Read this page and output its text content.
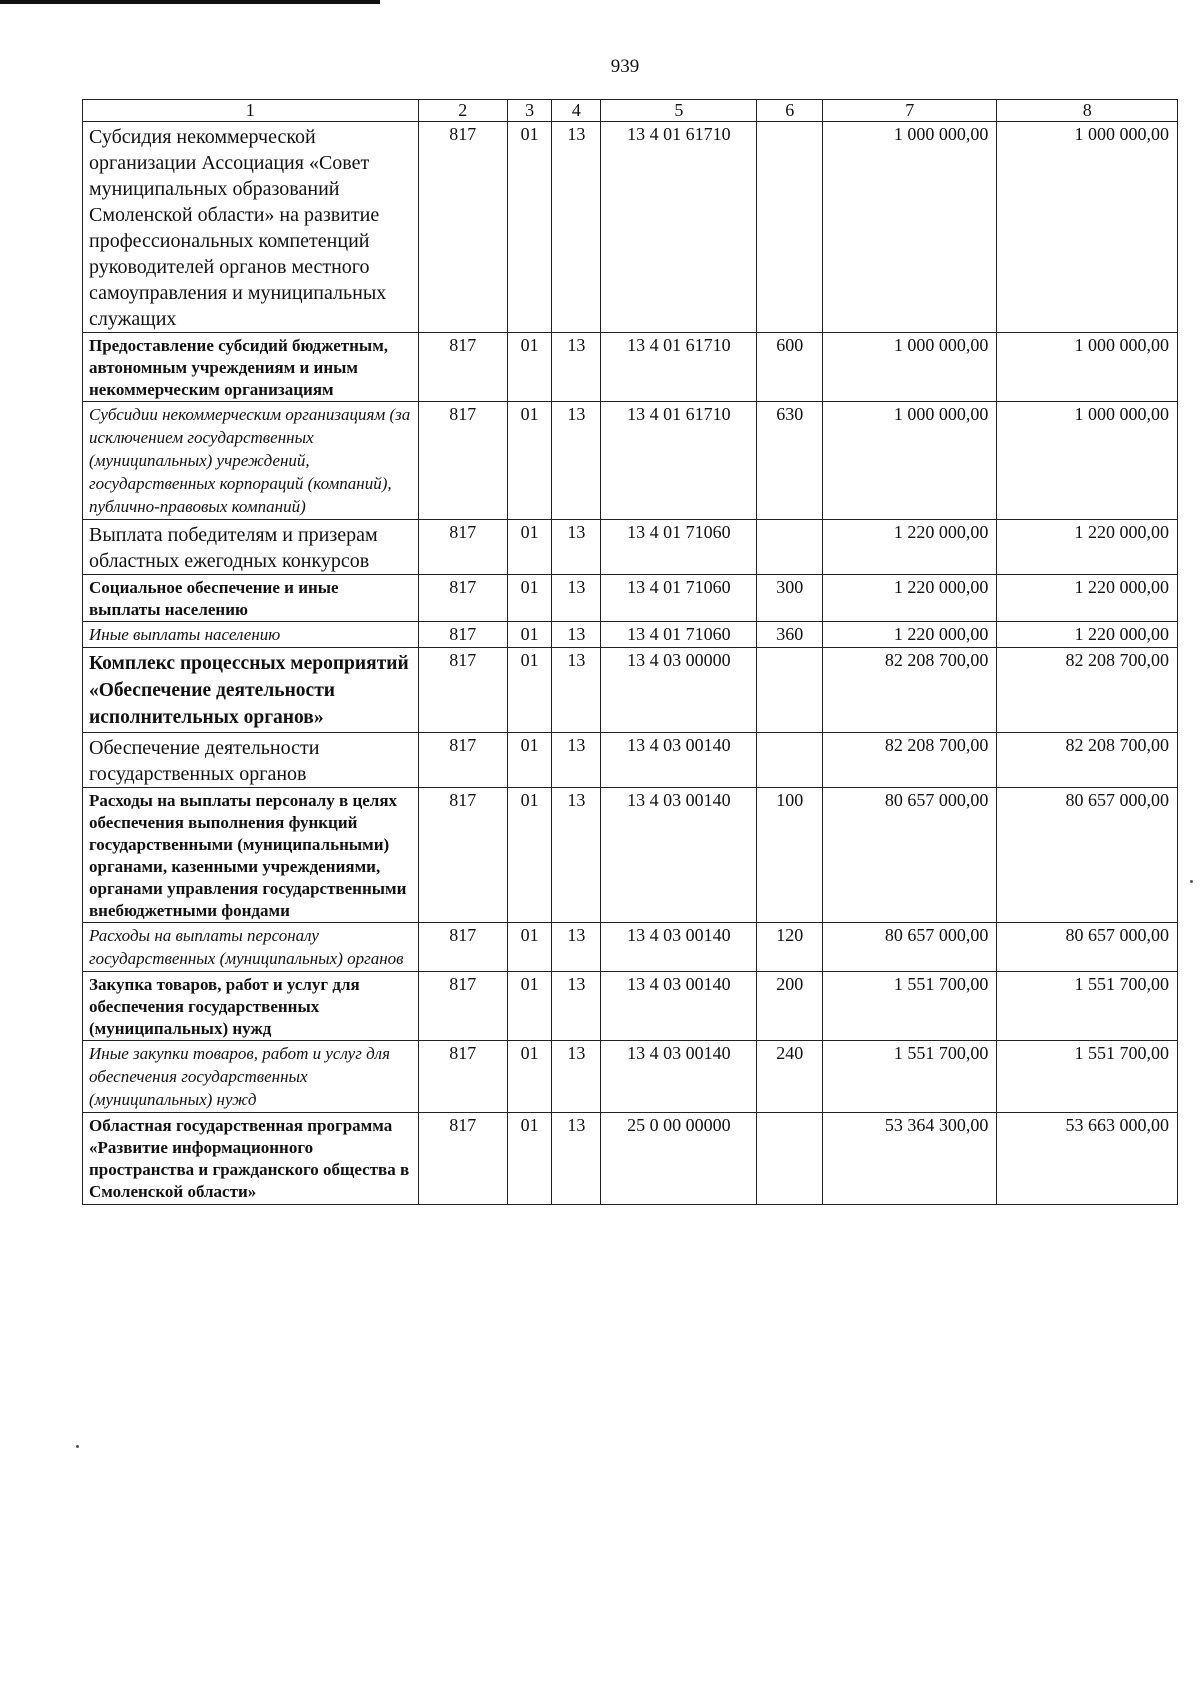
939
1	2	3	4	5	6	7	8
Субсидия некоммерческой организации Ассоциация «Совет муниципальных образований Смоленской области» на развитие профессиональных компетенций руководителей органов местного самоуправления и муниципальных служащих	817	01	13	13 4 01 61710		1 000 000,00	1 000 000,00
Предоставление субсидий бюджетным, автономным учреждениям и иным некоммерческим организациям	817	01	13	13 4 01 61710	600	1 000 000,00	1 000 000,00
Субсидии некоммерческим организациям (за исключением государственных (муниципальных) учреждений, государственных корпораций (компаний), публично-правовых компаний)	817	01	13	13 4 01 61710	630	1 000 000,00	1 000 000,00
Выплата победителям и призерам областных ежегодных конкурсов	817	01	13	13 4 01 71060		1 220 000,00	1 220 000,00
Социальное обеспечение и иные выплаты населению	817	01	13	13 4 01 71060	300	1 220 000,00	1 220 000,00
Иные выплаты населению	817	01	13	13 4 01 71060	360	1 220 000,00	1 220 000,00
Комплекс процессных мероприятий «Обеспечение деятельности исполнительных органов»	817	01	13	13 4 03 00000		82 208 700,00	82 208 700,00
Обеспечение деятельности государственных органов	817	01	13	13 4 03 00140		82 208 700,00	82 208 700,00
Расходы на выплаты персоналу в целях обеспечения выполнения функций государственными (муниципальными) органами, казенными учреждениями, органами управления государственными внебюджетными фондами	817	01	13	13 4 03 00140	100	80 657 000,00	80 657 000,00
Расходы на выплаты персоналу государственных (муниципальных) органов	817	01	13	13 4 03 00140	120	80 657 000,00	80 657 000,00
Закупка товаров, работ и услуг для обеспечения государственных (муниципальных) нужд	817	01	13	13 4 03 00140	200	1 551 700,00	1 551 700,00
Иные закупки товаров, работ и услуг для обеспечения государственных (муниципальных) нужд	817	01	13	13 4 03 00140	240	1 551 700,00	1 551 700,00
Областная государственная программа «Развитие информационного пространства и гражданского общества в Смоленской области»	817	01	13	25 0 00 00000		53 364 300,00	53 663 000,00
